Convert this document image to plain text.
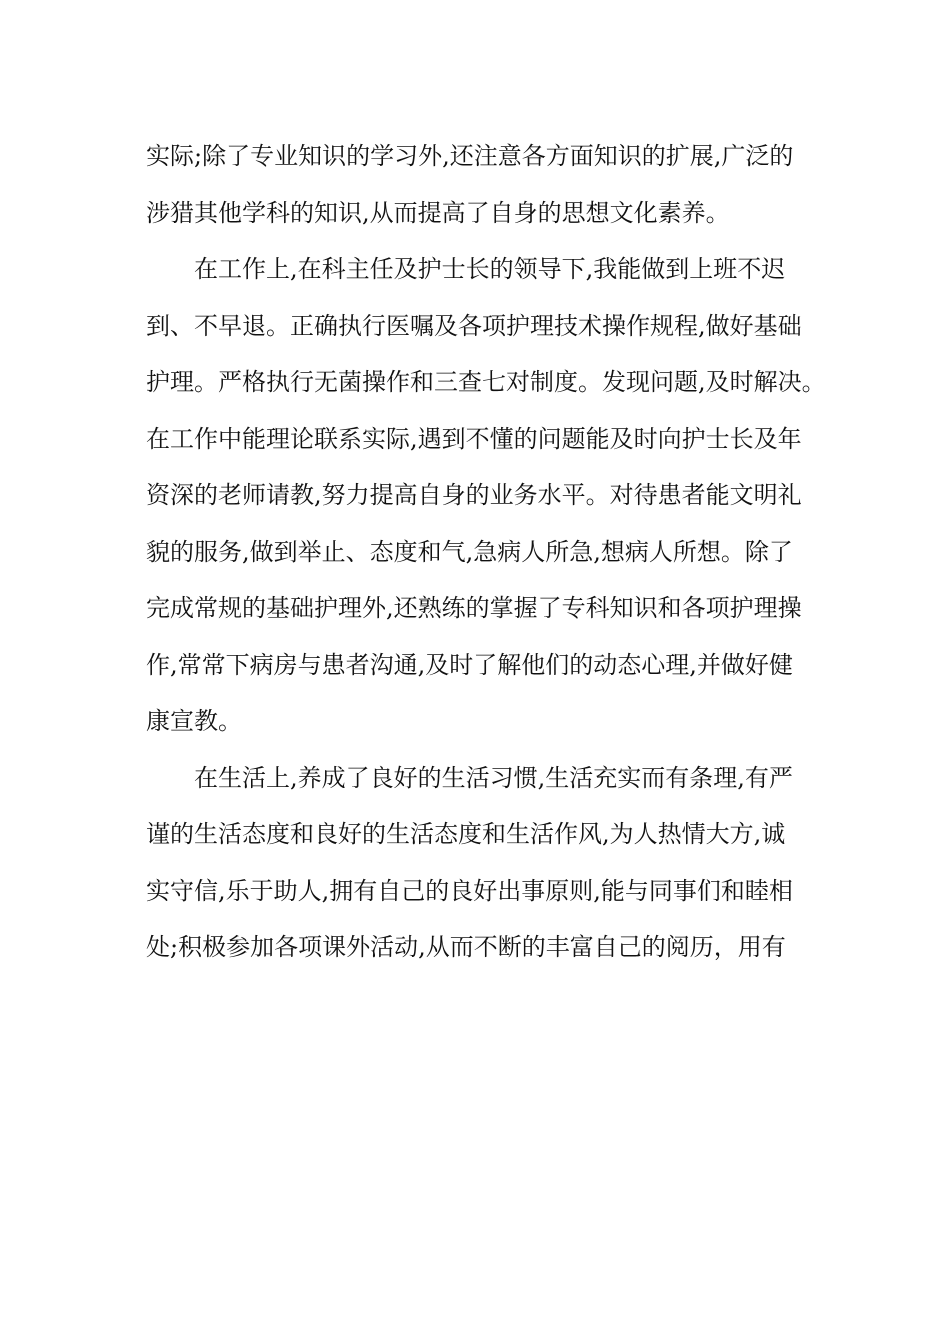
实际;除了专业知识的学习外,还注意各方面知识的扩展,广泛的
涉猎其他学科的知识,从而提高了自身的思想文化素养。
在工作上,在科主任及护士长的领导下,我能做到上班不迟
到、不早退。正确执行医嘱及各项护理技术操作规程,做好基础
护理。严格执行无菌操作和三查七对制度。发现问题,及时解决。
在工作中能理论联系实际,遇到不懂的问题能及时向护士长及年
资深的老师请教,努力提高自身的业务水平。对待患者能文明礼
貌的服务,做到举止、态度和气,急病人所急,想病人所想。除了
完成常规的基础护理外,还熟练的掌握了专科知识和各项护理操
作,常常下病房与患者沟通,及时了解他们的动态心理,并做好健
康宣教。
在生活上,养成了良好的生活习惯,生活充实而有条理,有严
谨的生活态度和良好的生活态度和生活作风,为人热情大方,诚
实守信,乐于助人,拥有自己的良好出事原则,能与同事们和睦相
处;积极参加各项课外活动,从而不断的丰富自己的阅历，用有
